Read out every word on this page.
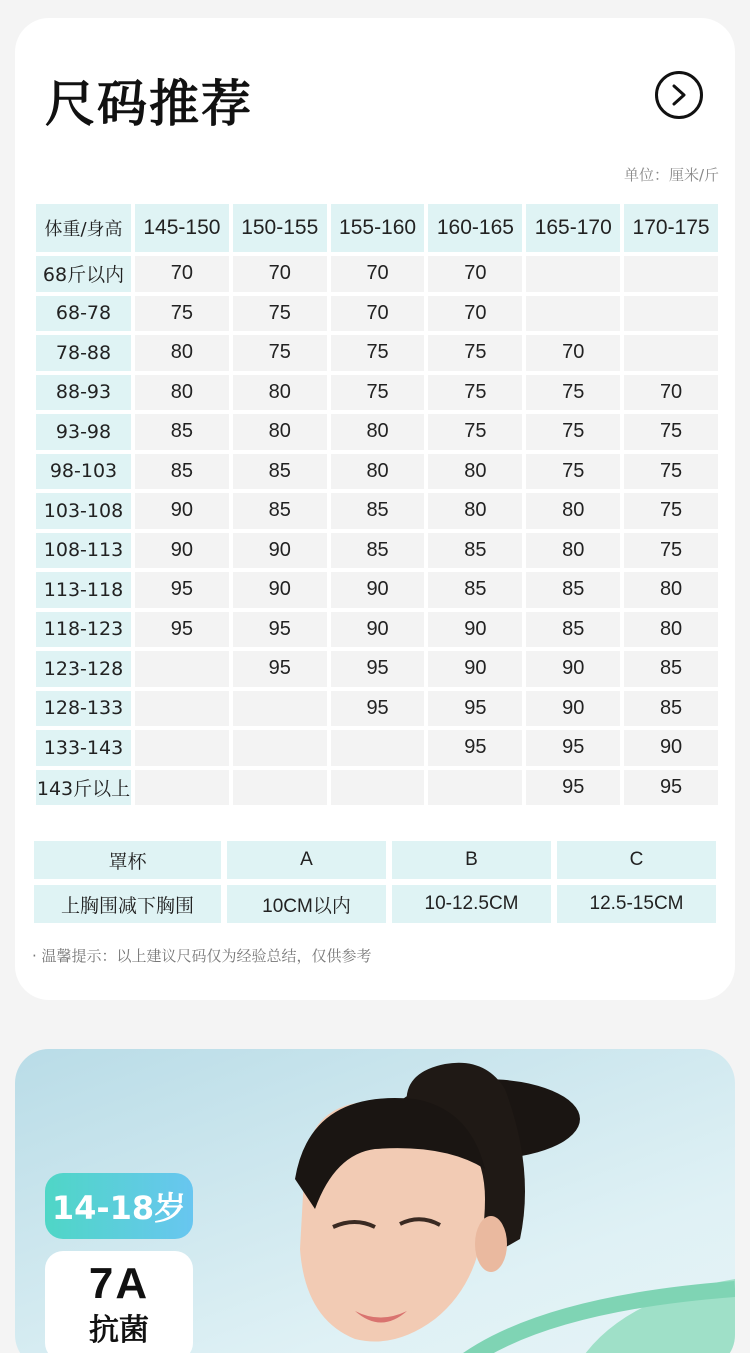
尺码推荐
单位：厘米/斤
体重/身高	145-150	150-155	155-160	160-165	165-170	170-175
68斤以内	70	70	70	70		
68-78	75	75	70	70		
78-88	80	75	75	75	70	
88-93	80	80	75	75	75	70
93-98	85	80	80	75	75	75
98-103	85	85	80	80	75	75
103-108	90	85	85	80	80	75
108-113	90	90	85	85	80	75
113-118	95	90	90	85	85	80
118-123	95	95	90	90	85	80
123-128		95	95	90	90	85
128-133			95	95	90	85
133-143				95	95	90
143斤以上					95	95
罩杯	A	B	C
上胸围减下胸围	10CM以内	10-12.5CM	12.5-15CM
· 温馨提示：以上建议尺码仅为经验总结，仅供参考
14-18岁
7A
抗菌
